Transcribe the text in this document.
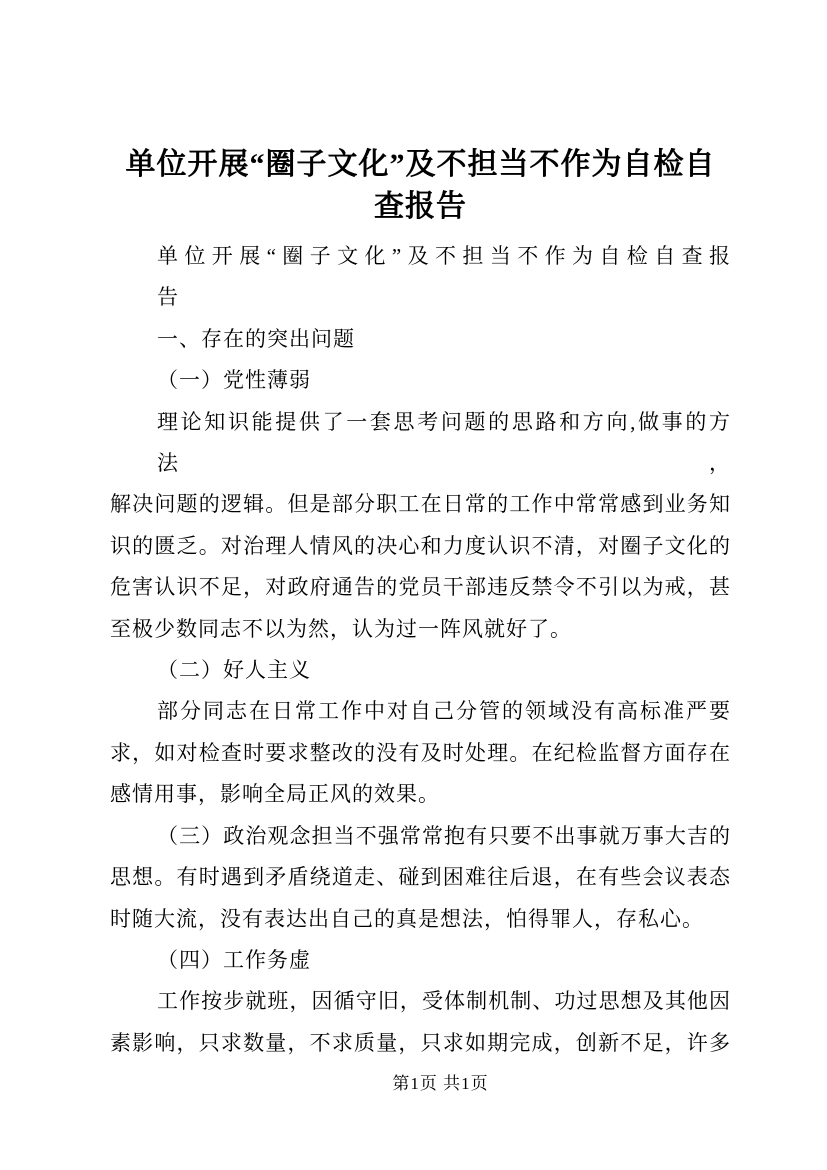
单位开展“圈子文化”及不担当不作为自检自
查报告
单位开展“圈子文化”及不担当不作为自检自查报
告
一、存在的突出问题
（一）党性薄弱
理论知识能提供了一套思考问题的思路和方向,做事的方法，
解决问题的逻辑。但是部分职工在日常的工作中常常感到业务知
识的匮乏。对治理人情风的决心和力度认识不清，对圈子文化的
危害认识不足，对政府通告的党员干部违反禁令不引以为戒，甚
至极少数同志不以为然，认为过一阵风就好了。
（二）好人主义
部分同志在日常工作中对自己分管的领域没有高标准严要
求，如对检查时要求整改的没有及时处理。在纪检监督方面存在
感情用事，影响全局正风的效果。
（三）政治观念担当不强常常抱有只要不出事就万事大吉的
思想。有时遇到矛盾绕道走、碰到困难往后退，在有些会议表态
时随大流，没有表达出自己的真是想法，怕得罪人，存私心。
（四）工作务虚
工作按步就班，因循守旧，受体制机制、功过思想及其他因
素影响，只求数量，不求质量，只求如期完成，创新不足，许多
第1页 共1页
